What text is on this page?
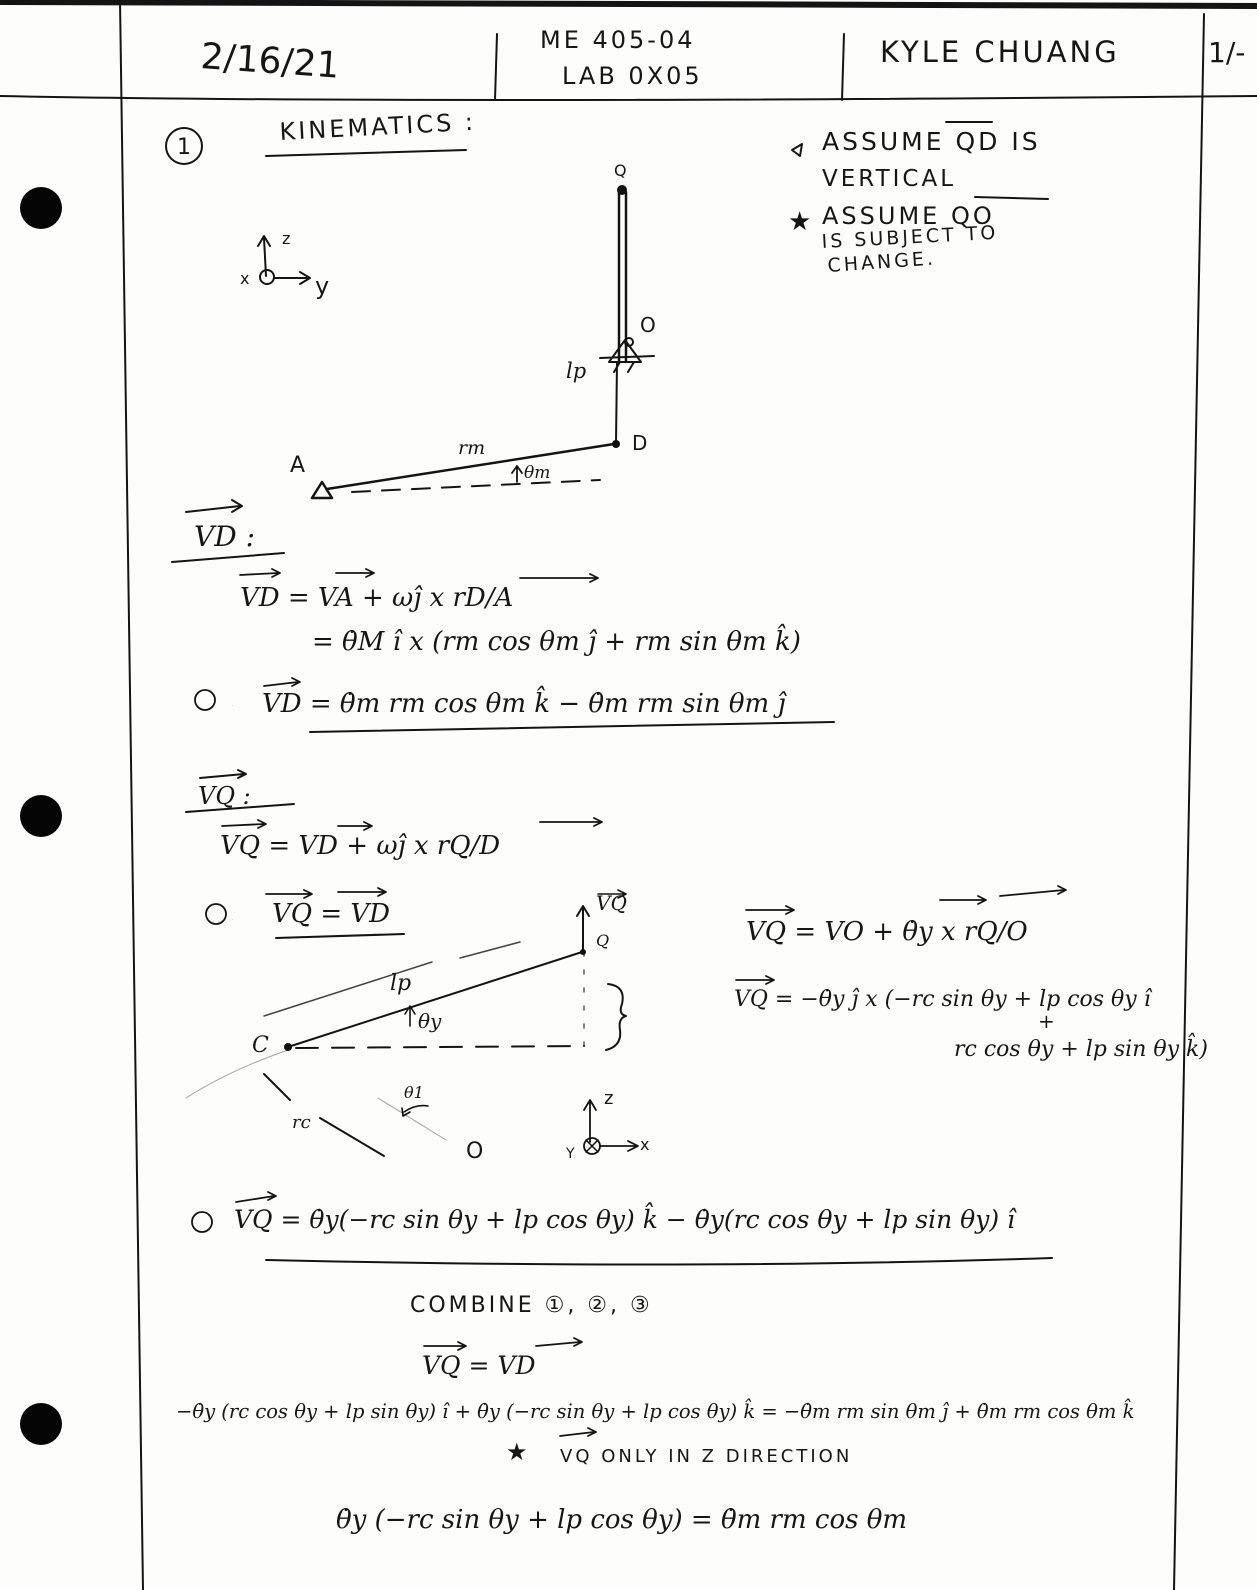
2/16/21	ME 405-04
LAB 0X05
KYLE CHUANG	1/-
1
KINEMATICS :	ASSUME QD IS
VERTICAL
★ ASSUME QO
IS SUBJECT TO
CHANGE.
z
x	y
Q
O
lp
D
A
rm
θm
VD :
VD = VA + ωĵ x rD/A
= θ̇M î x (rm cos θm ĵ + rm sin θm k̂)
① VD = θ̇m rm cos θm k̂ − θ̇m rm sin θm ĵ
VQ :
VQ = VD + ωĵ x rQ/D
② VQ = VD
VQ = VO + θ̇y x rQ/O
VQ = −θ̇y ĵ x (−rc sin θy + lp cos θy î
+
rc cos θy + lp sin θy k̂)
VQ
Q
lp
θy
C
rc
θ1
O
z
Y	x
③ VQ = θ̇y(−rc sin θy + lp cos θy) k̂ − θ̇y(rc cos θy + lp sin θy) î
COMBINE ①, ②, ③
VQ = VD
−θ̇y (rc cos θy + lp sin θy) î + θ̇y (−rc sin θy + lp cos θy) k̂ = −θ̇m rm sin θm ĵ + θ̇m rm cos θm k̂
★ VQ ONLY IN Z DIRECTION
θ̇y (−rc sin θy + lp cos θy) = θ̇m rm cos θm
